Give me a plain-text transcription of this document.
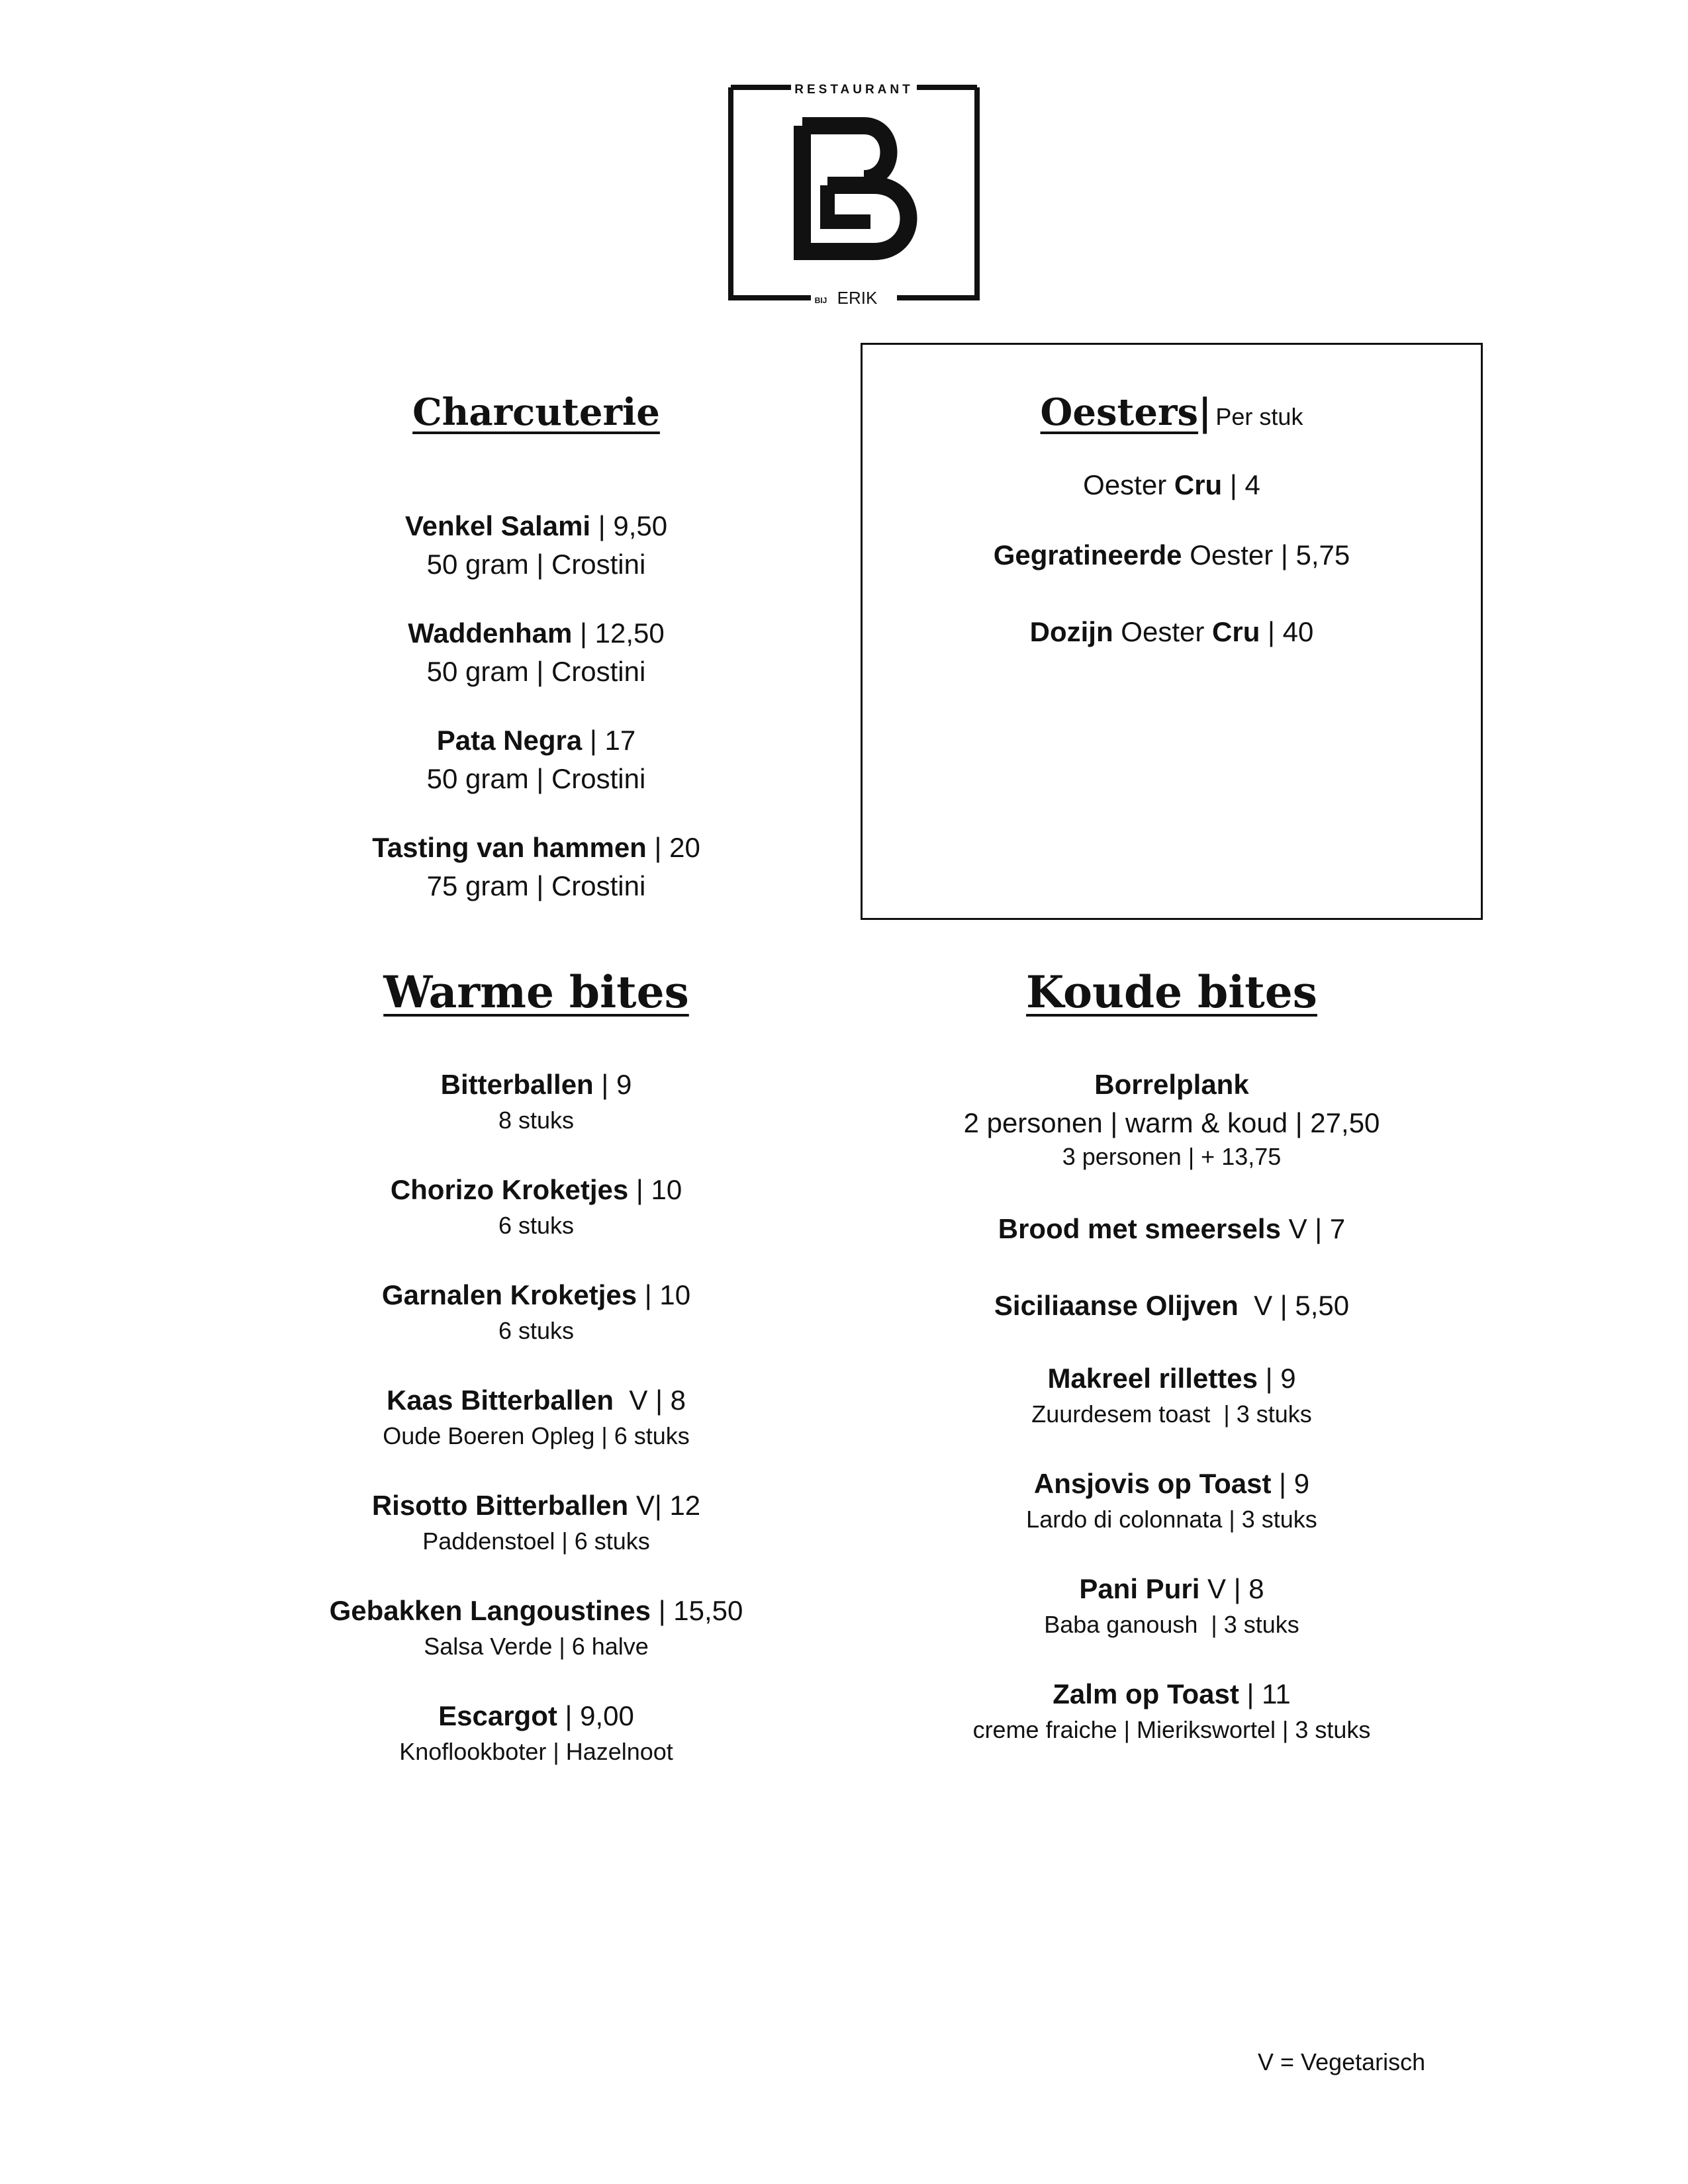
RESTAURANT
BIJ ERIK
Charcuterie
Venkel Salami | 9,50
50 gram | Crostini
Waddenham | 12,50
50 gram | Crostini
Pata Negra | 17
50 gram | Crostini
Tasting van hammen | 20
75 gram | Crostini
Oesters| Per stuk
Oester Cru | 4
Gegratineerde Oester | 5,75
Dozijn Oester Cru | 40
Warme bites
Bitterballen | 9
8 stuks
Chorizo Kroketjes | 10
6 stuks
Garnalen Kroketjes | 10
6 stuks
Kaas Bitterballen  V | 8
Oude Boeren Opleg | 6 stuks
Risotto Bitterballen V| 12
Paddenstoel | 6 stuks
Gebakken Langoustines | 15,50
Salsa Verde | 6 halve
Escargot | 9,00
Knoflookboter | Hazelnoot
Koude bites
Borrelplank
2 personen | warm & koud | 27,50
3 personen | + 13,75
Brood met smeersels V | 7
Siciliaanse Olijven  V | 5,50
Makreel rillettes | 9
Zuurdesem toast  | 3 stuks
Ansjovis op Toast | 9
Lardo di colonnata | 3 stuks
Pani Puri V | 8
Baba ganoush  | 3 stuks
Zalm op Toast | 11
creme fraiche | Mierikswortel | 3 stuks
V = Vegetarisch
